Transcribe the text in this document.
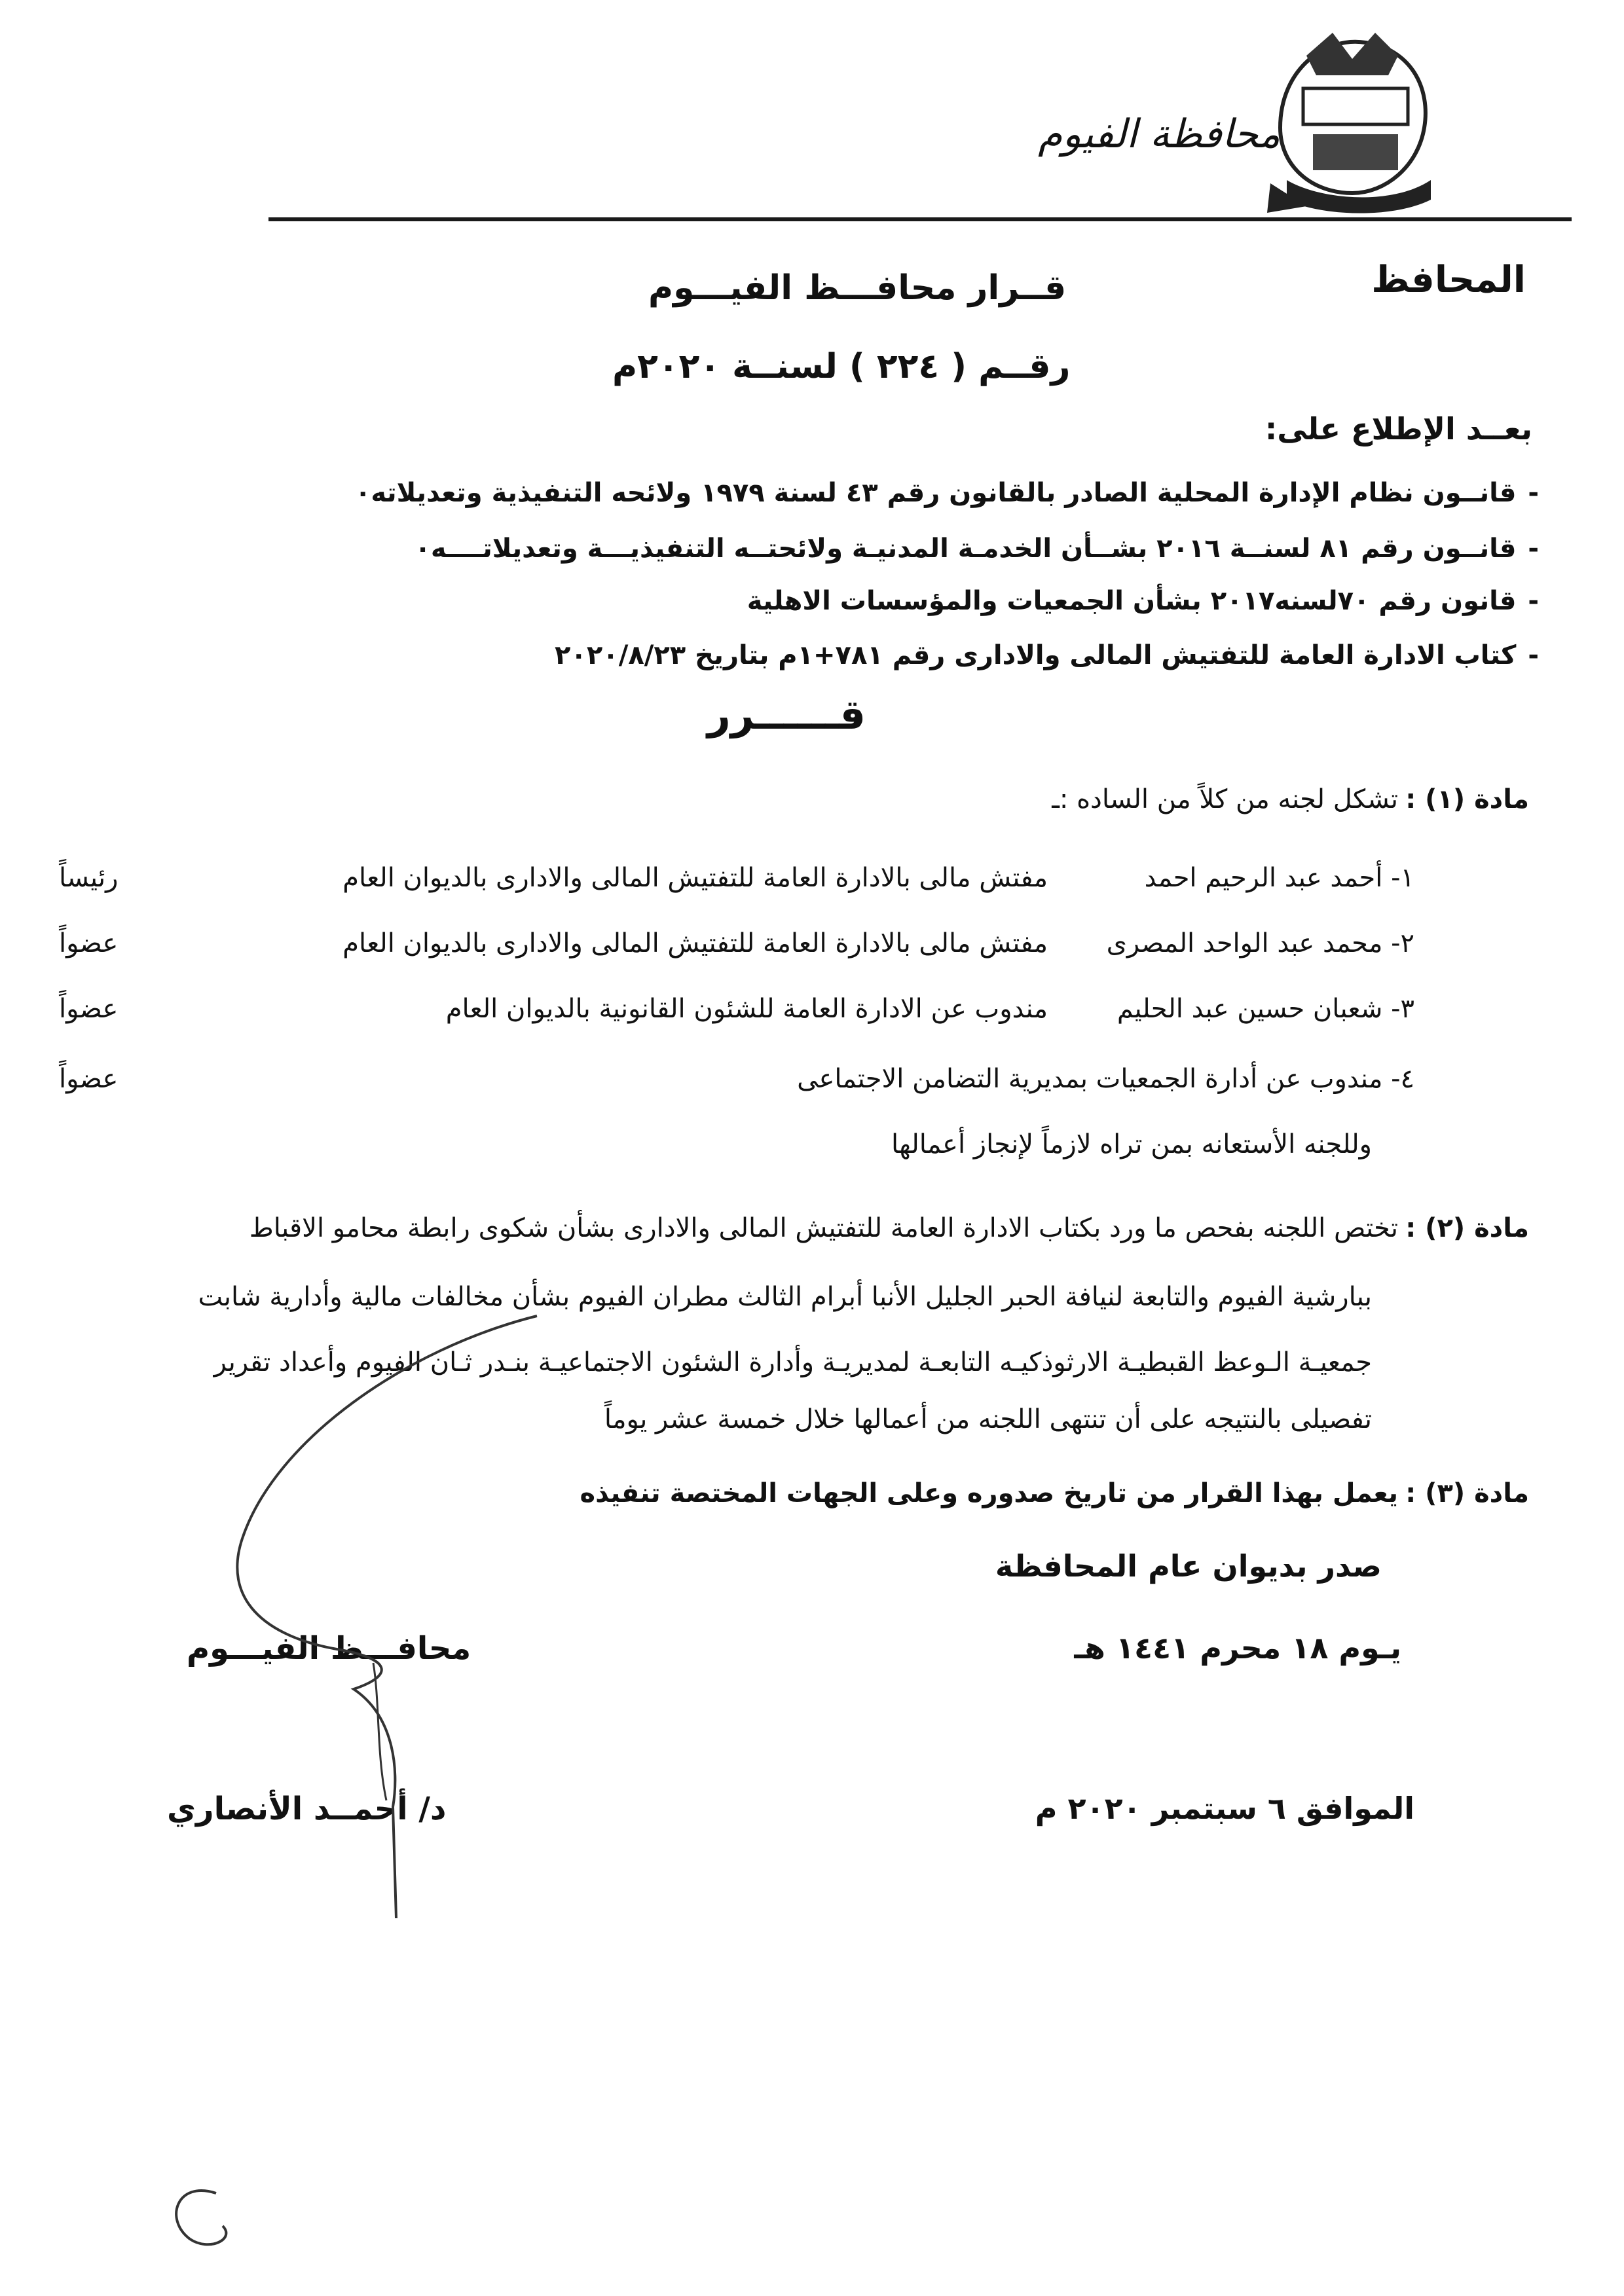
محافظة الفيوم
المحافظ
قــرار محافـــظ الفيـــوم
رقــم ( ٢٢٤ ) لسنــة ٢٠٢٠م
بعــد الإطلاع على:
-قانــون نظام الإدارة المحلية الصادر بالقانون رقم ٤٣ لسنة ١٩٧٩ ولائحه التنفيذية وتعديلاته٠
-قانــون رقم ٨١ لسنــة ٢٠١٦ بشــأن الخدمـة المدنيـة ولائحتــه التنفيذيـــة وتعديلاتــــه٠
-قانون رقم ٧٠لسنه٢٠١٧ بشأن الجمعيات والمؤسسات الاهلية
-كتاب الادارة العامة للتفتيش المالى والادارى رقم ٧٨١+١م بتاريخ ٢٠٢٠/٨/٢٣
قــــــرر
مادة (١) :
تشكل لجنه من كلاً من الساده :ـ
١- أحمد عبد الرحيم احمد
مفتش مالى بالادارة العامة للتفتيش المالى والادارى بالديوان العام
رئيساً
٢- محمد عبد الواحد المصرى
مفتش مالى بالادارة العامة للتفتيش المالى والادارى بالديوان العام
عضواً
٣- شعبان حسين عبد الحليم
مندوب عن الادارة العامة للشئون القانونية بالديوان العام
عضواً
٤- مندوب عن أدارة الجمعيات بمديرية التضامن الاجتماعى
عضواً
وللجنه الأستعانه بمن تراه لازماً لإنجاز أعمالها
مادة (٢) :
تختص اللجنه بفحص ما ورد بكتاب الادارة العامة للتفتيش المالى والادارى بشأن شكوى رابطة محامو الاقباط
ببارشية الفيوم والتابعة لنيافة الحبر الجليل الأنبا أبرام الثالث مطران الفيوم بشأن مخالفات مالية وأدارية شابت
جمعيـة الـوعظ القبطيـة الارثوذكيـه التابعـة لمديريـة وأدارة الشئون الاجتماعيـة بنـدر ثـان الفيوم وأعداد تقرير
تفصيلى بالنتيجه على أن تنتهى اللجنه من أعمالها خلال خمسة عشر يوماً
مادة (٣) :
يعمل بهذا القرار من تاريخ صدوره وعلى الجهات المختصة تنفيذه
صدر بديوان عام المحافظة
يـوم ١٨ محرم ١٤٤١ هـ
الموافق ٦ سبتمبر ٢٠٢٠ م
محافـــظ الفيـــوم
د/ أحمــد الأنصاري
